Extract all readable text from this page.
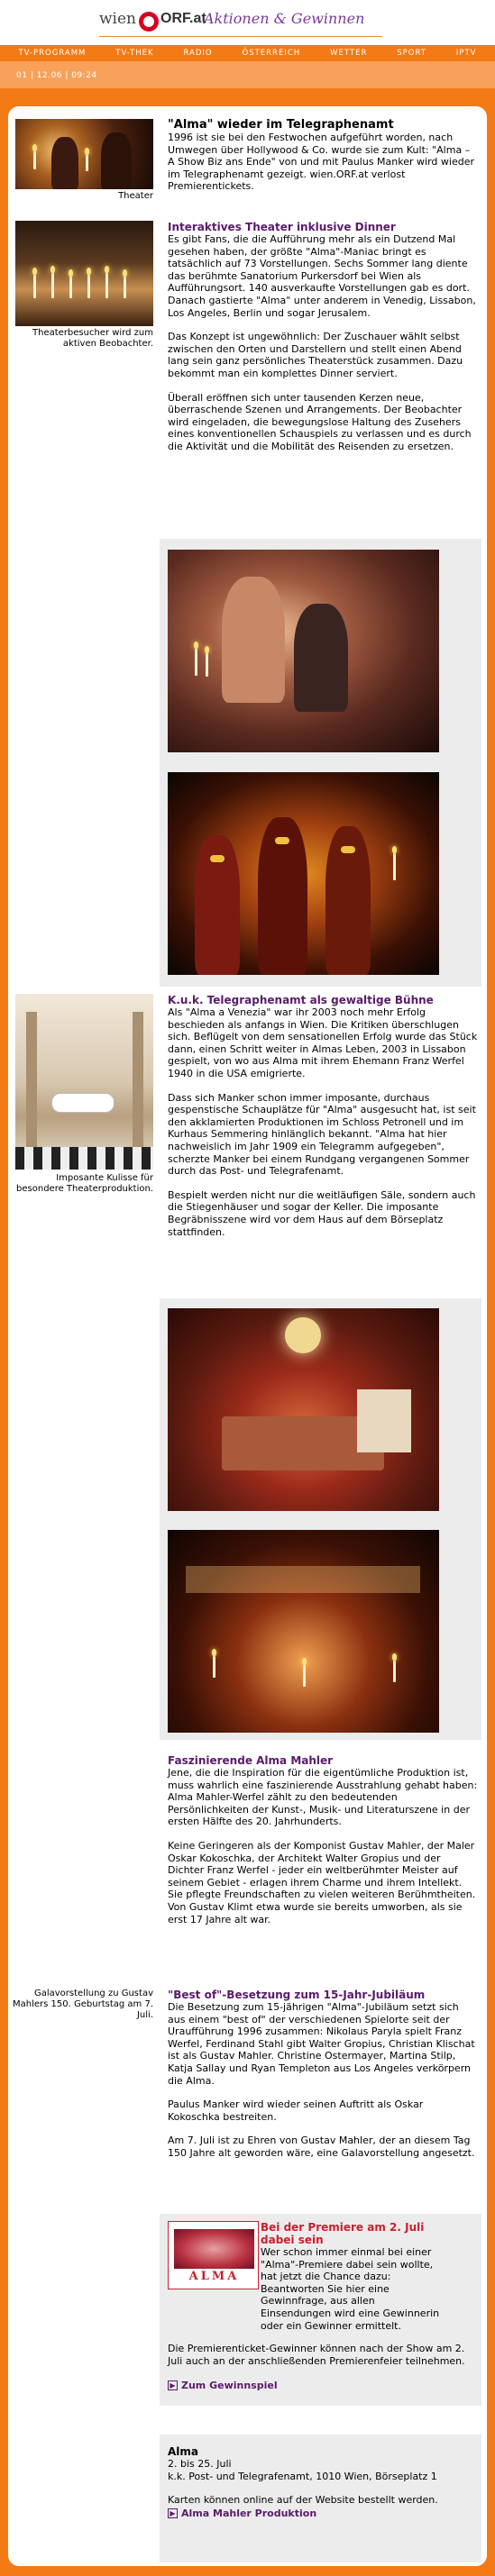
wien ORF.at
Aktionen & Gewinnen
TV-PROGRAMM	TV-THEK	RADIO	ÖSTERREICH	WETTER	SPORT	IPTV
01 | 12.06 | 09:24
Theater
"Alma" wieder im Telegraphenamt
1996 ist sie bei den Festwochen aufgeführt worden, nach Umwegen über Hollywood & Co. wurde sie zum Kult: "Alma – A Show Biz ans Ende" von und mit Paulus Manker wird wieder im Telegraphenamt gezeigt. wien.ORF.at verlost Premierentickets.
Theaterbesucher wird zum aktiven Beobachter.
Interaktives Theater inklusive Dinner
Es gibt Fans, die die Aufführung mehr als ein Dutzend Mal gesehen haben, der größte "Alma"-Maniac bringt es tatsächlich auf 73 Vorstellungen. Sechs Sommer lang diente das berühmte Sanatorium Purkersdorf bei Wien als Aufführungsort. 140 ausverkaufte Vorstellungen gab es dort. Danach gastierte "Alma" unter anderem in Venedig, Lissabon, Los Angeles, Berlin und sogar Jerusalem.
Das Konzept ist ungewöhnlich: Der Zuschauer wählt selbst zwischen den Orten und Darstellern und stellt einen Abend lang sein ganz persönliches Theaterstück zusammen. Dazu bekommt man ein komplettes Dinner serviert.
Überall eröffnen sich unter tausenden Kerzen neue, überraschende Szenen und Arrangements. Der Beobachter wird eingeladen, die bewegungslose Haltung des Zusehers eines konventionellen Schauspiels zu verlassen und es durch die Aktivität und die Mobilität des Reisenden zu ersetzen.
Imposante Kulisse für besondere Theaterproduktion.
K.u.k. Telegraphenamt als gewaltige Bühne
Als "Alma a Venezia" war ihr 2003 noch mehr Erfolg beschieden als anfangs in Wien. Die Kritiken überschlugen sich. Beflügelt von dem sensationellen Erfolg wurde das Stück dann, einen Schritt weiter in Almas Leben, 2003 in Lissabon gespielt, von wo aus Alma mit ihrem Ehemann Franz Werfel 1940 in die USA emigrierte.
Dass sich Manker schon immer imposante, durchaus gespenstische Schauplätze für "Alma" ausgesucht hat, ist seit den akklamierten Produktionen im Schloss Petronell und im Kurhaus Semmering hinlänglich bekannt. "Alma hat hier nachweislich im Jahr 1909 ein Telegramm aufgegeben", scherzte Manker bei einem Rundgang vergangenen Sommer durch das Post- und Telegrafenamt.
Bespielt werden nicht nur die weitläufigen Säle, sondern auch die Stiegenhäuser und sogar der Keller. Die imposante Begräbnisszene wird vor dem Haus auf dem Börseplatz stattfinden.
Faszinierende Alma Mahler
Jene, die die Inspiration für die eigentümliche Produktion ist, muss wahrlich eine faszinierende Ausstrahlung gehabt haben: Alma Mahler-Werfel zählt zu den bedeutenden Persönlichkeiten der Kunst-, Musik- und Literaturszene in der ersten Hälfte des 20. Jahrhunderts.
Keine Geringeren als der Komponist Gustav Mahler, der Maler Oskar Kokoschka, der Architekt Walter Gropius und der Dichter Franz Werfel - jeder ein weltberühmter Meister auf seinem Gebiet - erlagen ihrem Charme und ihrem Intellekt. Sie pflegte Freundschaften zu vielen weiteren Berühmtheiten. Von Gustav Klimt etwa wurde sie bereits umworben, als sie erst 17 Jahre alt war.
Galavorstellung zu Gustav Mahlers 150. Geburtstag am 7. Juli.
"Best of"-Besetzung zum 15-Jahr-Jubiläum
Die Besetzung zum 15-jährigen "Alma"-Jubiläum setzt sich aus einem "best of" der verschiedenen Spielorte seit der Uraufführung 1996 zusammen: Nikolaus Paryla spielt Franz Werfel, Ferdinand Stahl gibt Walter Gropius, Christian Klischat ist als Gustav Mahler. Christine Ostermayer, Martina Stilp, Katja Sallay und Ryan Templeton aus Los Angeles verkörpern die Alma.
Paulus Manker wird wieder seinen Auftritt als Oskar Kokoschka bestreiten.
Am 7. Juli ist zu Ehren von Gustav Mahler, der an diesem Tag 150 Jahre alt geworden wäre, eine Galavorstellung angesetzt.
ALMA
Bei der Premiere am 2. Juli dabei sein
Wer schon immer einmal bei einer "Alma"-Premiere dabei sein wollte, hat jetzt die Chance dazu: Beantworten Sie hier eine Gewinnfrage, aus allen Einsendungen wird eine Gewinnerin oder ein Gewinner ermittelt.
Die Premierenticket-Gewinner können nach der Show am 2. Juli auch an der anschließenden Premierenfeier teilnehmen.
▶ Zum Gewinnspiel
Alma
2. bis 25. Juli
k.k. Post- und Telegrafenamt, 1010 Wien, Börseplatz 1
Karten können online auf der Website bestellt werden.
▶ Alma Mahler Produktion
